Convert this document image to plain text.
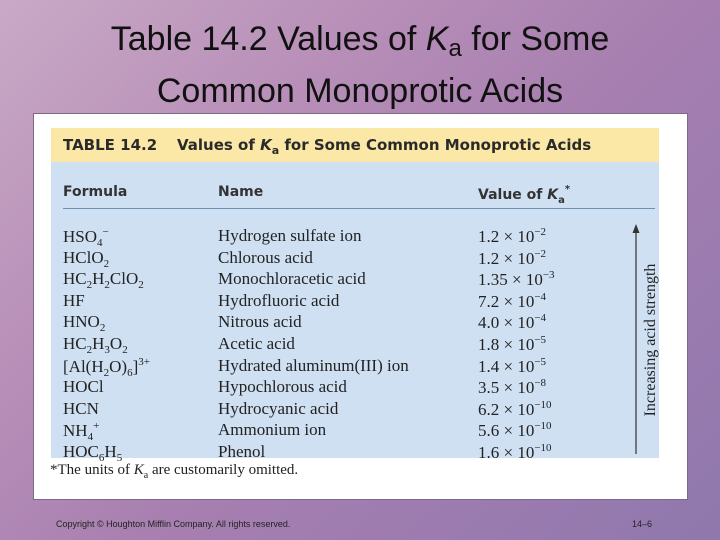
Table 14.2 Values of $K_a$ for Some
Common Monoprotic Acids
TABLE 14.2 Values of $K_a$ for Some Common Monoprotic Acids
Formula	Name	Value of $K_a^*$
$HSO_4^-$	Hydrogen sulfate ion	$1.2 \times 10^{-2}$
HClO$_2$	Chlorous acid	$1.2 \times 10^{-2}$
$HC_2H_2ClO_2$	Monochloracetic acid	$1.35 \times 10^{-3}$
HF	Hydrofluoric acid	$7.2 \times 10^{-4}$
$HNO_2$	Nitrous acid	$4.0 \times 10^{-4}$
$HC_2H_3O_2$	Acetic acid	$1.8 \times 10^{-5}$
$[Al(H_2O)_6]^{3+}$	Hydrated aluminum(III) ion	$1.4 \times 10^{-5}$
HOCl	Hypochlorous acid	$3.5 \times 10^{-8}$
HCN	Hydrocyanic acid	$6.2 \times 10^{-10}$
$NH_4^+$	Ammonium ion	$5.6 \times 10^{-10}$
$HOC_6H_5$	Phenol	$1.6 \times 10^{-10}$
Increasing acid strength
*The units of $K_a$ are customarily omitted.
Copyright © Houghton Mifflin Company. All rights reserved.	14–6
